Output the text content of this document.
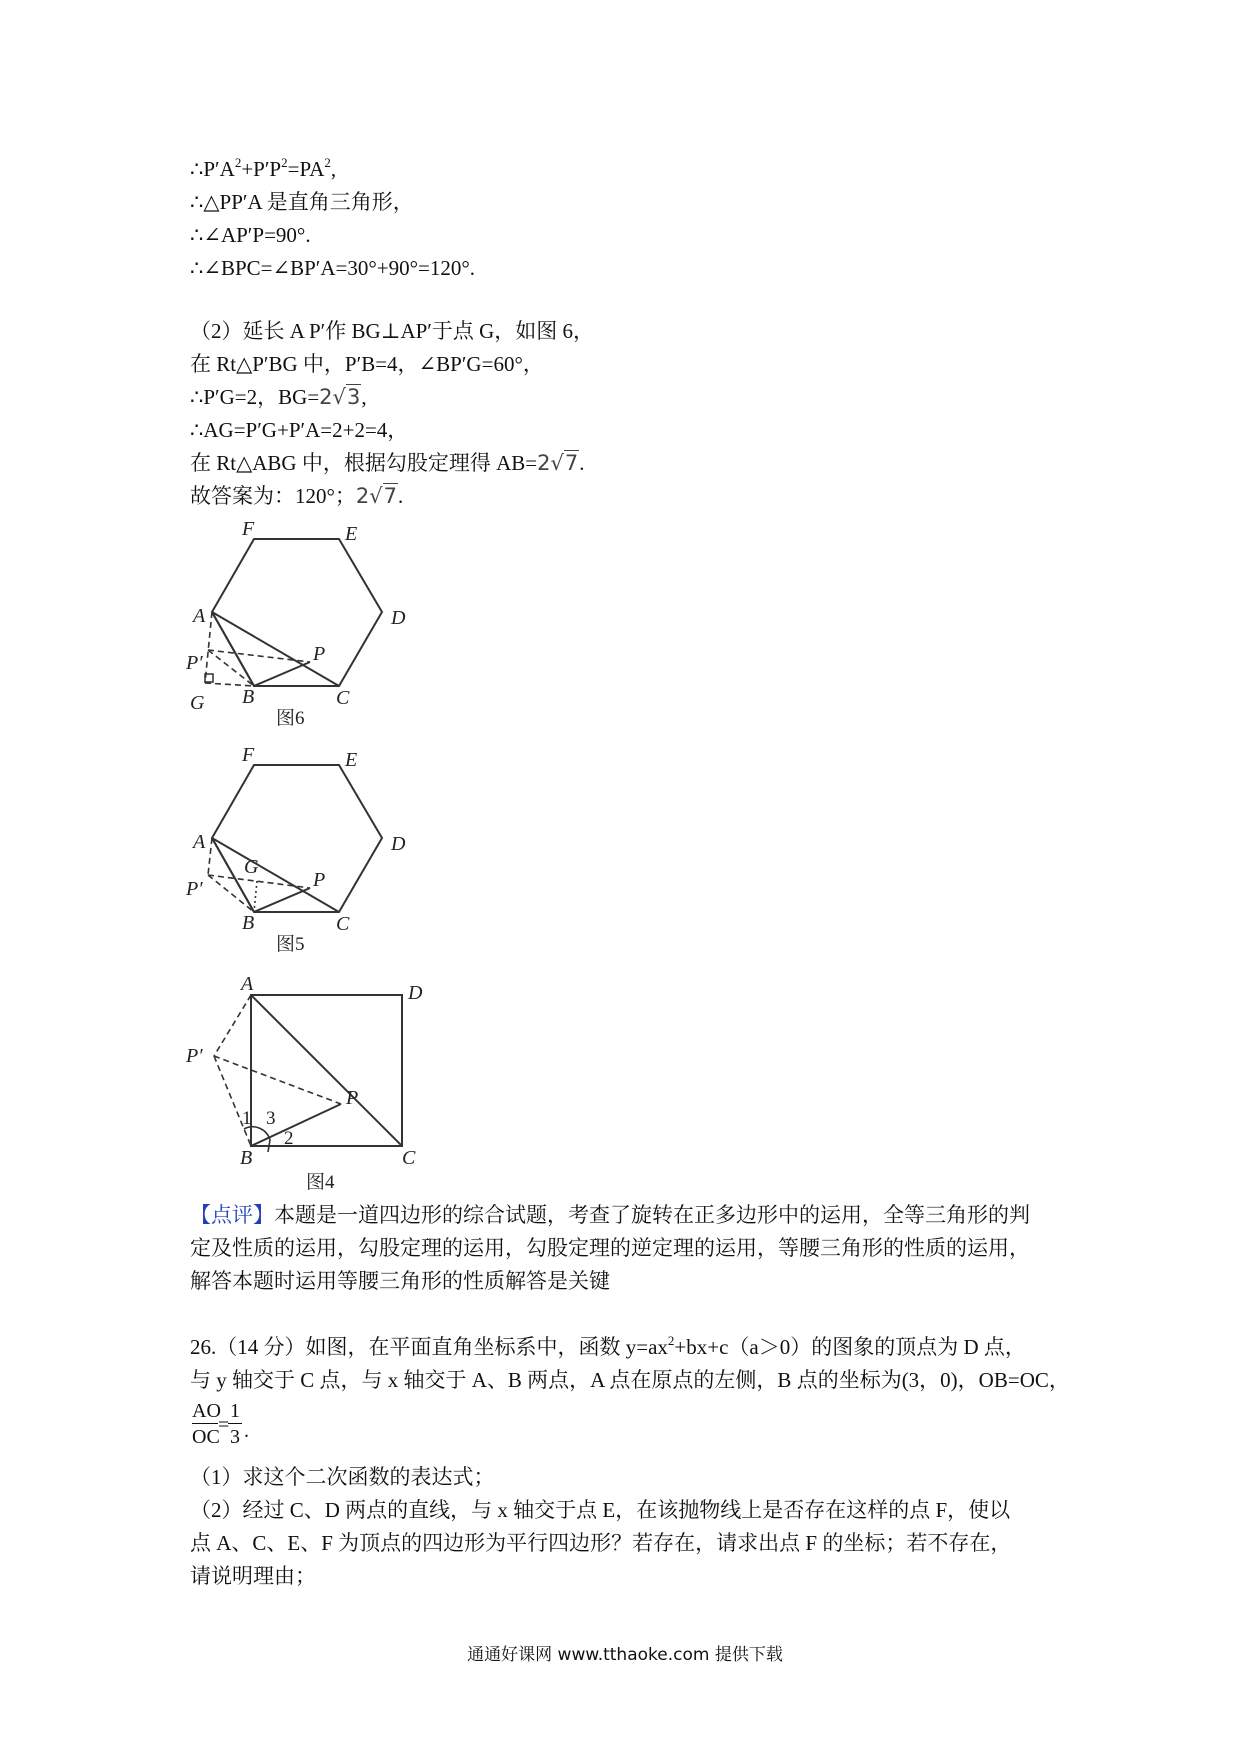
$\therefore P'A^2+P'P^2=PA^2$,
∴△PP′A 是直角三角形，
∴∠AP′P=90°.
∴∠BPC=∠BP′A=30°+90°=120°.
（2）延长 A P′作 BG⊥AP′于点 G，如图 6，
在 Rt△P′BG 中，P′B=4，∠BP′G=60°，
∴P′G=2，BG=2√3,
∴AG=P′G+P′A=2+2=4，
在 Rt△ABG 中，根据勾股定理得 AB=2√7.
故答案为：120°；2√7.
F	E
D
A
P
P′
G B	C
图6
F	E
D
A
G
P
P′
B	C
图5
A	D
P′
P
1 3
2
B	C
图4
【点评】本题是一道四边形的综合试题，考查了旋转在正多边形中的运用，全等三角形的判
定及性质的运用，勾股定理的运用，勾股定理的逆定理的运用，等腰三角形的性质的运用，
解答本题时运用等腰三角形的性质解答是关键
26.（14 分）如图，在平面直角坐标系中，函数 $y=ax^2+bx+c(a>0)$的图象的顶点为 D 点，
与 y 轴交于 C 点，与 x 轴交于 A、B 两点，A 点在原点的左侧，B 点的坐标为(3，0)，OB=OC，
AO
OC
=
1
3 .
（1）求这个二次函数的表达式；
（2）经过 C、D 两点的直线，与 x 轴交于点 E，在该抛物线上是否存在这样的点 F，使以
点 A、C、E、F 为顶点的四边形为平行四边形？若存在，请求出点 F 的坐标；若不存在，
请说明理由；
通通好课网 www.tthaoke.com 提供下载
